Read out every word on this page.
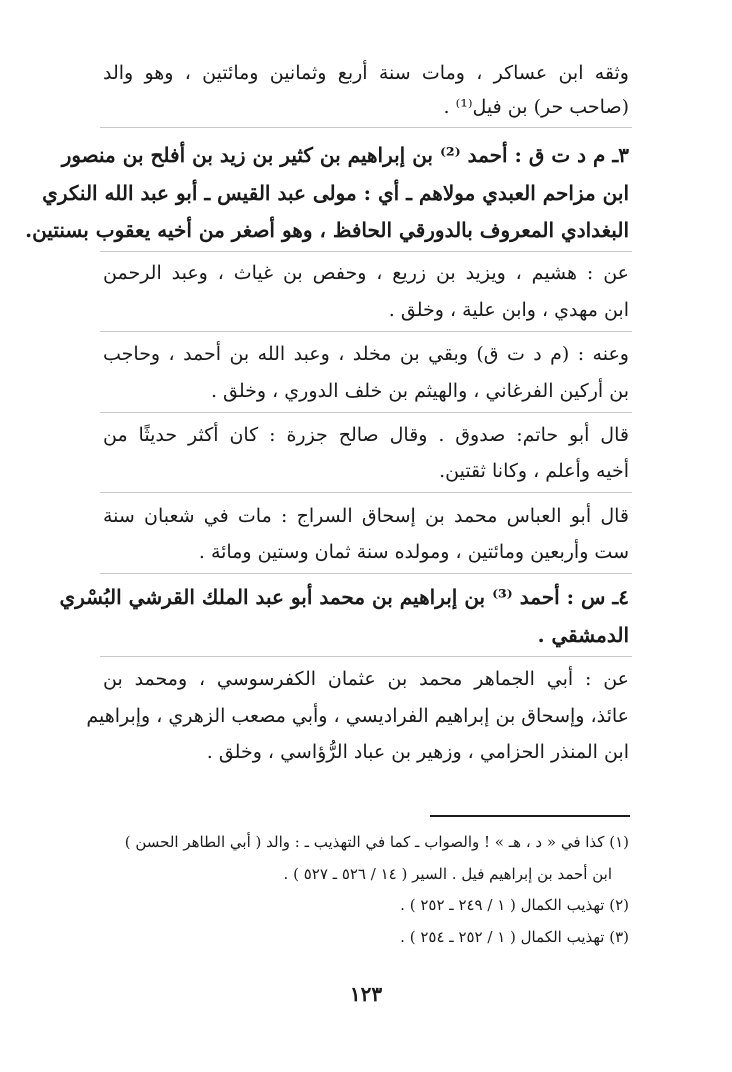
وثقه ابن عساكر ، ومات سنة أربع وثمانين ومائتين ، وهو والد
(صاحب حر) بن فيل⁽¹⁾ .
٣ـ م د ت ق : أحمد ⁽²⁾ بن إبراهيم بن كثير بن زيد بن أفلح بن منصور
ابن مزاحم العبدي مولاهم ـ أي : مولى عبد القيس ـ أبو عبد الله النكري
البغدادي المعروف بالدورقي الحافظ ، وهو أصغر من أخيه يعقوب بسنتين.
عن : هشيم ، ويزيد بن زريع ، وحفص بن غياث ، وعبد الرحمن
ابن مهدي ، وابن علية ، وخلق .
وعنه : (م د ت ق) وبقي بن مخلد ، وعبد الله بن أحمد ، وحاجب
بن أركين الفرغاني ، والهيثم بن خلف الدوري ، وخلق .
قال أبو حاتم: صدوق . وقال صالح جزرة : كان أكثر حديثًا من
أخيه وأعلم ، وكانا ثقتين.
قال أبو العباس محمد بن إسحاق السراج : مات في شعبان سنة
ست وأربعين ومائتين ، ومولده سنة ثمان وستين ومائة .
٤ـ س : أحمد ⁽³⁾ بن إبراهيم بن محمد أبو عبد الملك القرشي البُسْري
الدمشقي .
عن : أبي الجماهر محمد بن عثمان الكفرسوسي ، ومحمد بن
عائذ، وإسحاق بن إبراهيم الفراديسي ، وأبي مصعب الزهري ، وإبراهيم
ابن المنذر الحزامي ، وزهير بن عباد الرُّؤاسي ، وخلق .
(١) كذا في « د ، هـ » ! والصواب ـ كما في التهذيب ـ : والد ( أبي الطاهر الحسن )
ابن أحمد بن إبراهيم فيل . السير ( ١٤ / ٥٢٦ ـ ٥٢٧ ) .
(٢) تهذيب الكمال ( ١ / ٢٤٩ ـ ٢٥٢ ) .
(٣) تهذيب الكمال ( ١ / ٢٥٢ ـ ٢٥٤ ) .
١٢٣
